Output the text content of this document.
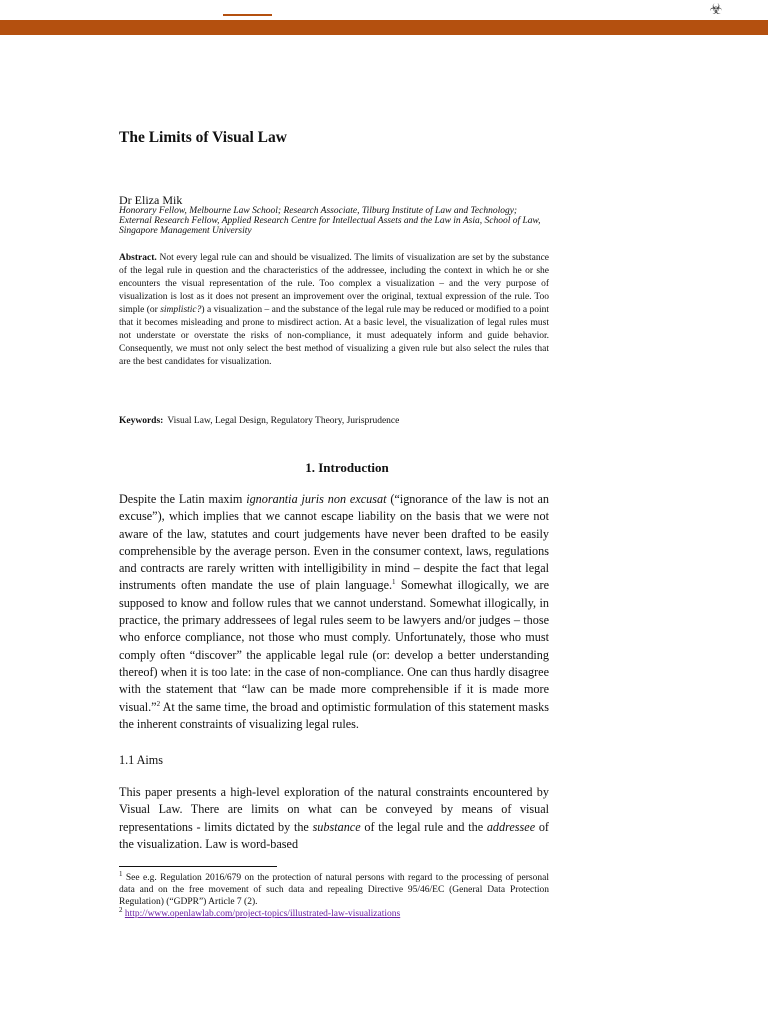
☣
The Limits of Visual Law
Dr Eliza Mik
Honorary Fellow, Melbourne Law School; Research Associate, Tilburg Institute of Law and Technology; External Research Fellow, Applied Research Centre for Intellectual Assets and the Law in Asia, School of Law, Singapore Management University
Abstract. Not every legal rule can and should be visualized. The limits of visualization are set by the substance of the legal rule in question and the characteristics of the addressee, including the context in which he or she encounters the visual representation of the rule. Too complex a visualization – and the very purpose of visualization is lost as it does not present an improvement over the original, textual expression of the rule. Too simple (or simplistic?) a visualization – and the substance of the legal rule may be reduced or modified to a point that it becomes misleading and prone to misdirect action. At a basic level, the visualization of legal rules must not understate or overstate the risks of non-compliance, it must adequately inform and guide behavior. Consequently, we must not only select the best method of visualizing a given rule but also select the rules that are the best candidates for visualization.
Keywords: Visual Law, Legal Design, Regulatory Theory, Jurisprudence
1. Introduction
Despite the Latin maxim ignorantia juris non excusat (“ignorance of the law is not an excuse”), which implies that we cannot escape liability on the basis that we were not aware of the law, statutes and court judgements have never been drafted to be easily comprehensible by the average person. Even in the consumer context, laws, regulations and contracts are rarely written with intelligibility in mind – despite the fact that legal instruments often mandate the use of plain language.$^1$ Somewhat illogically, we are supposed to know and follow rules that we cannot understand. Somewhat illogically, in practice, the primary addressees of legal rules seem to be lawyers and/or judges – those who enforce compliance, not those who must comply. Unfortunately, those who must comply often “discover” the applicable legal rule (or: develop a better understanding thereof) when it is too late: in the case of non-compliance. One can thus hardly disagree with the statement that “law can be made more comprehensible if it is made more visual.”$^2$ At the same time, the broad and optimistic formulation of this statement masks the inherent constraints of visualizing legal rules.
1.1 Aims
This paper presents a high-level exploration of the natural constraints encountered by Visual Law. There are limits on what can be conveyed by means of visual representations - limits dictated by the substance of the legal rule and the addressee of the visualization. Law is word-based
$^1$ See e.g. Regulation 2016/679 on the protection of natural persons with regard to the processing of personal data and on the free movement of such data and repealing Directive 95/46/EC (General Data Protection Regulation) (“GDPR”) Article 7 (2).
$^2$ http://www.openlawlab.com/project-topics/illustrated-law-visualizations
